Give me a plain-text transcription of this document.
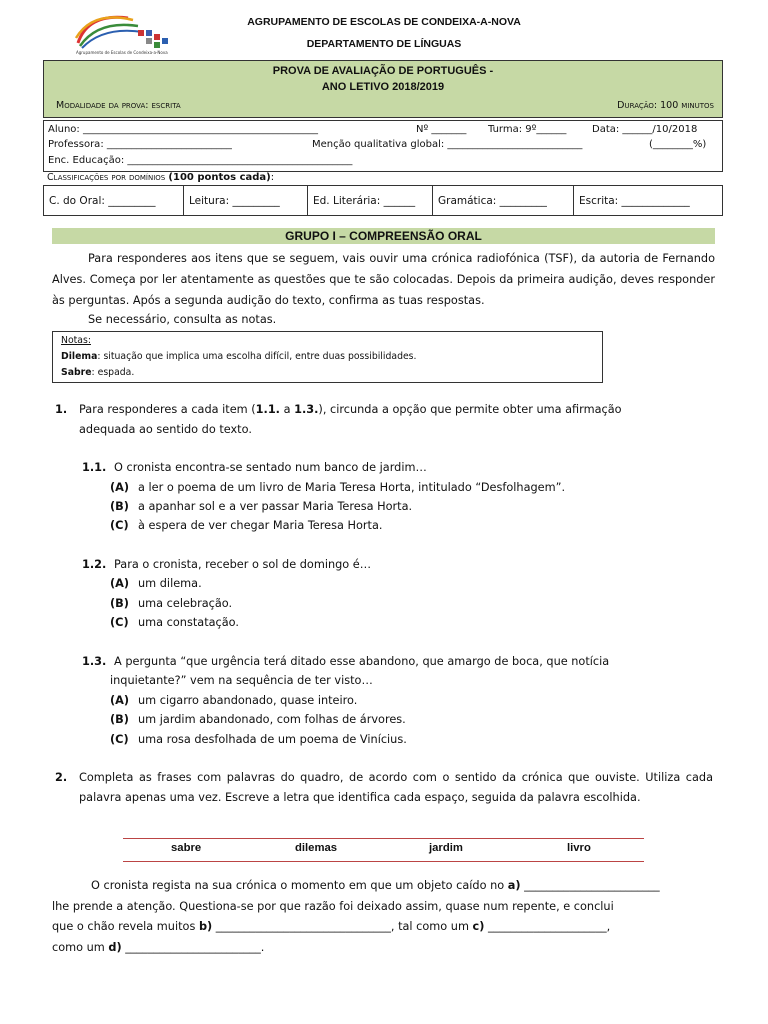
Agrupamento de Escolas de Condeixa-a-Nova
AGRUPAMENTO DE ESCOLAS DE CONDEIXA-A-NOVA
DEPARTAMENTO DE LÍNGUAS
PROVA DE AVALIAÇÃO DE PORTUGUÊS -
ANO LETIVO 2018/2019
Modalidade da prova: escrita	Duração: 100 minutos
Aluno: _______________________________________________	Nº _______ Turma: 9º______	Data: ______/10/2018
Professora: _________________________	Menção qualitativa global: ___________________________	(________%)
Enc. Educação: _____________________________________________
Classificações por domínios (100 pontos cada):
C. do Oral: _________	Leitura: _________	Ed. Literária: ______	Gramática: _________	Escrita: _____________
GRUPO I – COMPREENSÃO ORAL
Para responderes aos itens que se seguem, vais ouvir uma crónica radiofónica (TSF), da autoria de Fernando Alves. Começa por ler atentamente as questões que te são colocadas. Depois da primeira audição, deves responder às perguntas. Após a segunda audição do texto, confirma as tuas respostas.
Se necessário, consulta as notas.
Notas:
Dilema: situação que implica uma escolha difícil, entre duas possibilidades.
Sabre: espada.
1. Para responderes a cada item (1.1. a 1.3.), circunda a opção que permite obter uma afirmação
adequada ao sentido do texto.
1.1. O cronista encontra-se sentado num banco de jardim…
(A) a ler o poema de um livro de Maria Teresa Horta, intitulado “Desfolhagem”.
(B) a apanhar sol e a ver passar Maria Teresa Horta.
(C) à espera de ver chegar Maria Teresa Horta.
1.2. Para o cronista, receber o sol de domingo é…
(A) um dilema.
(B) uma celebração.
(C) uma constatação.
1.3. A pergunta “que urgência terá ditado esse abandono, que amargo de boca, que notícia
inquietante?” vem na sequência de ter visto…
(A) um cigarro abandonado, quase inteiro.
(B) um jardim abandonado, com folhas de árvores.
(C) uma rosa desfolhada de um poema de Vinícius.
2. Completa as frases com palavras do quadro, de acordo com o sentido da crónica que ouviste. Utiliza cada palavra apenas uma vez. Escreve a letra que identifica cada espaço, seguida da palavra escolhida.
sabre	dilemas	jardim	livro
O cronista regista na sua crónica o momento em que um objeto caído no a) ________________________
lhe prende a atenção. Questiona-se por que razão foi deixado assim, quase num repente, e conclui
que o chão revela muitos b) _______________________________, tal como um c) _____________________,
como um d) ________________________.
